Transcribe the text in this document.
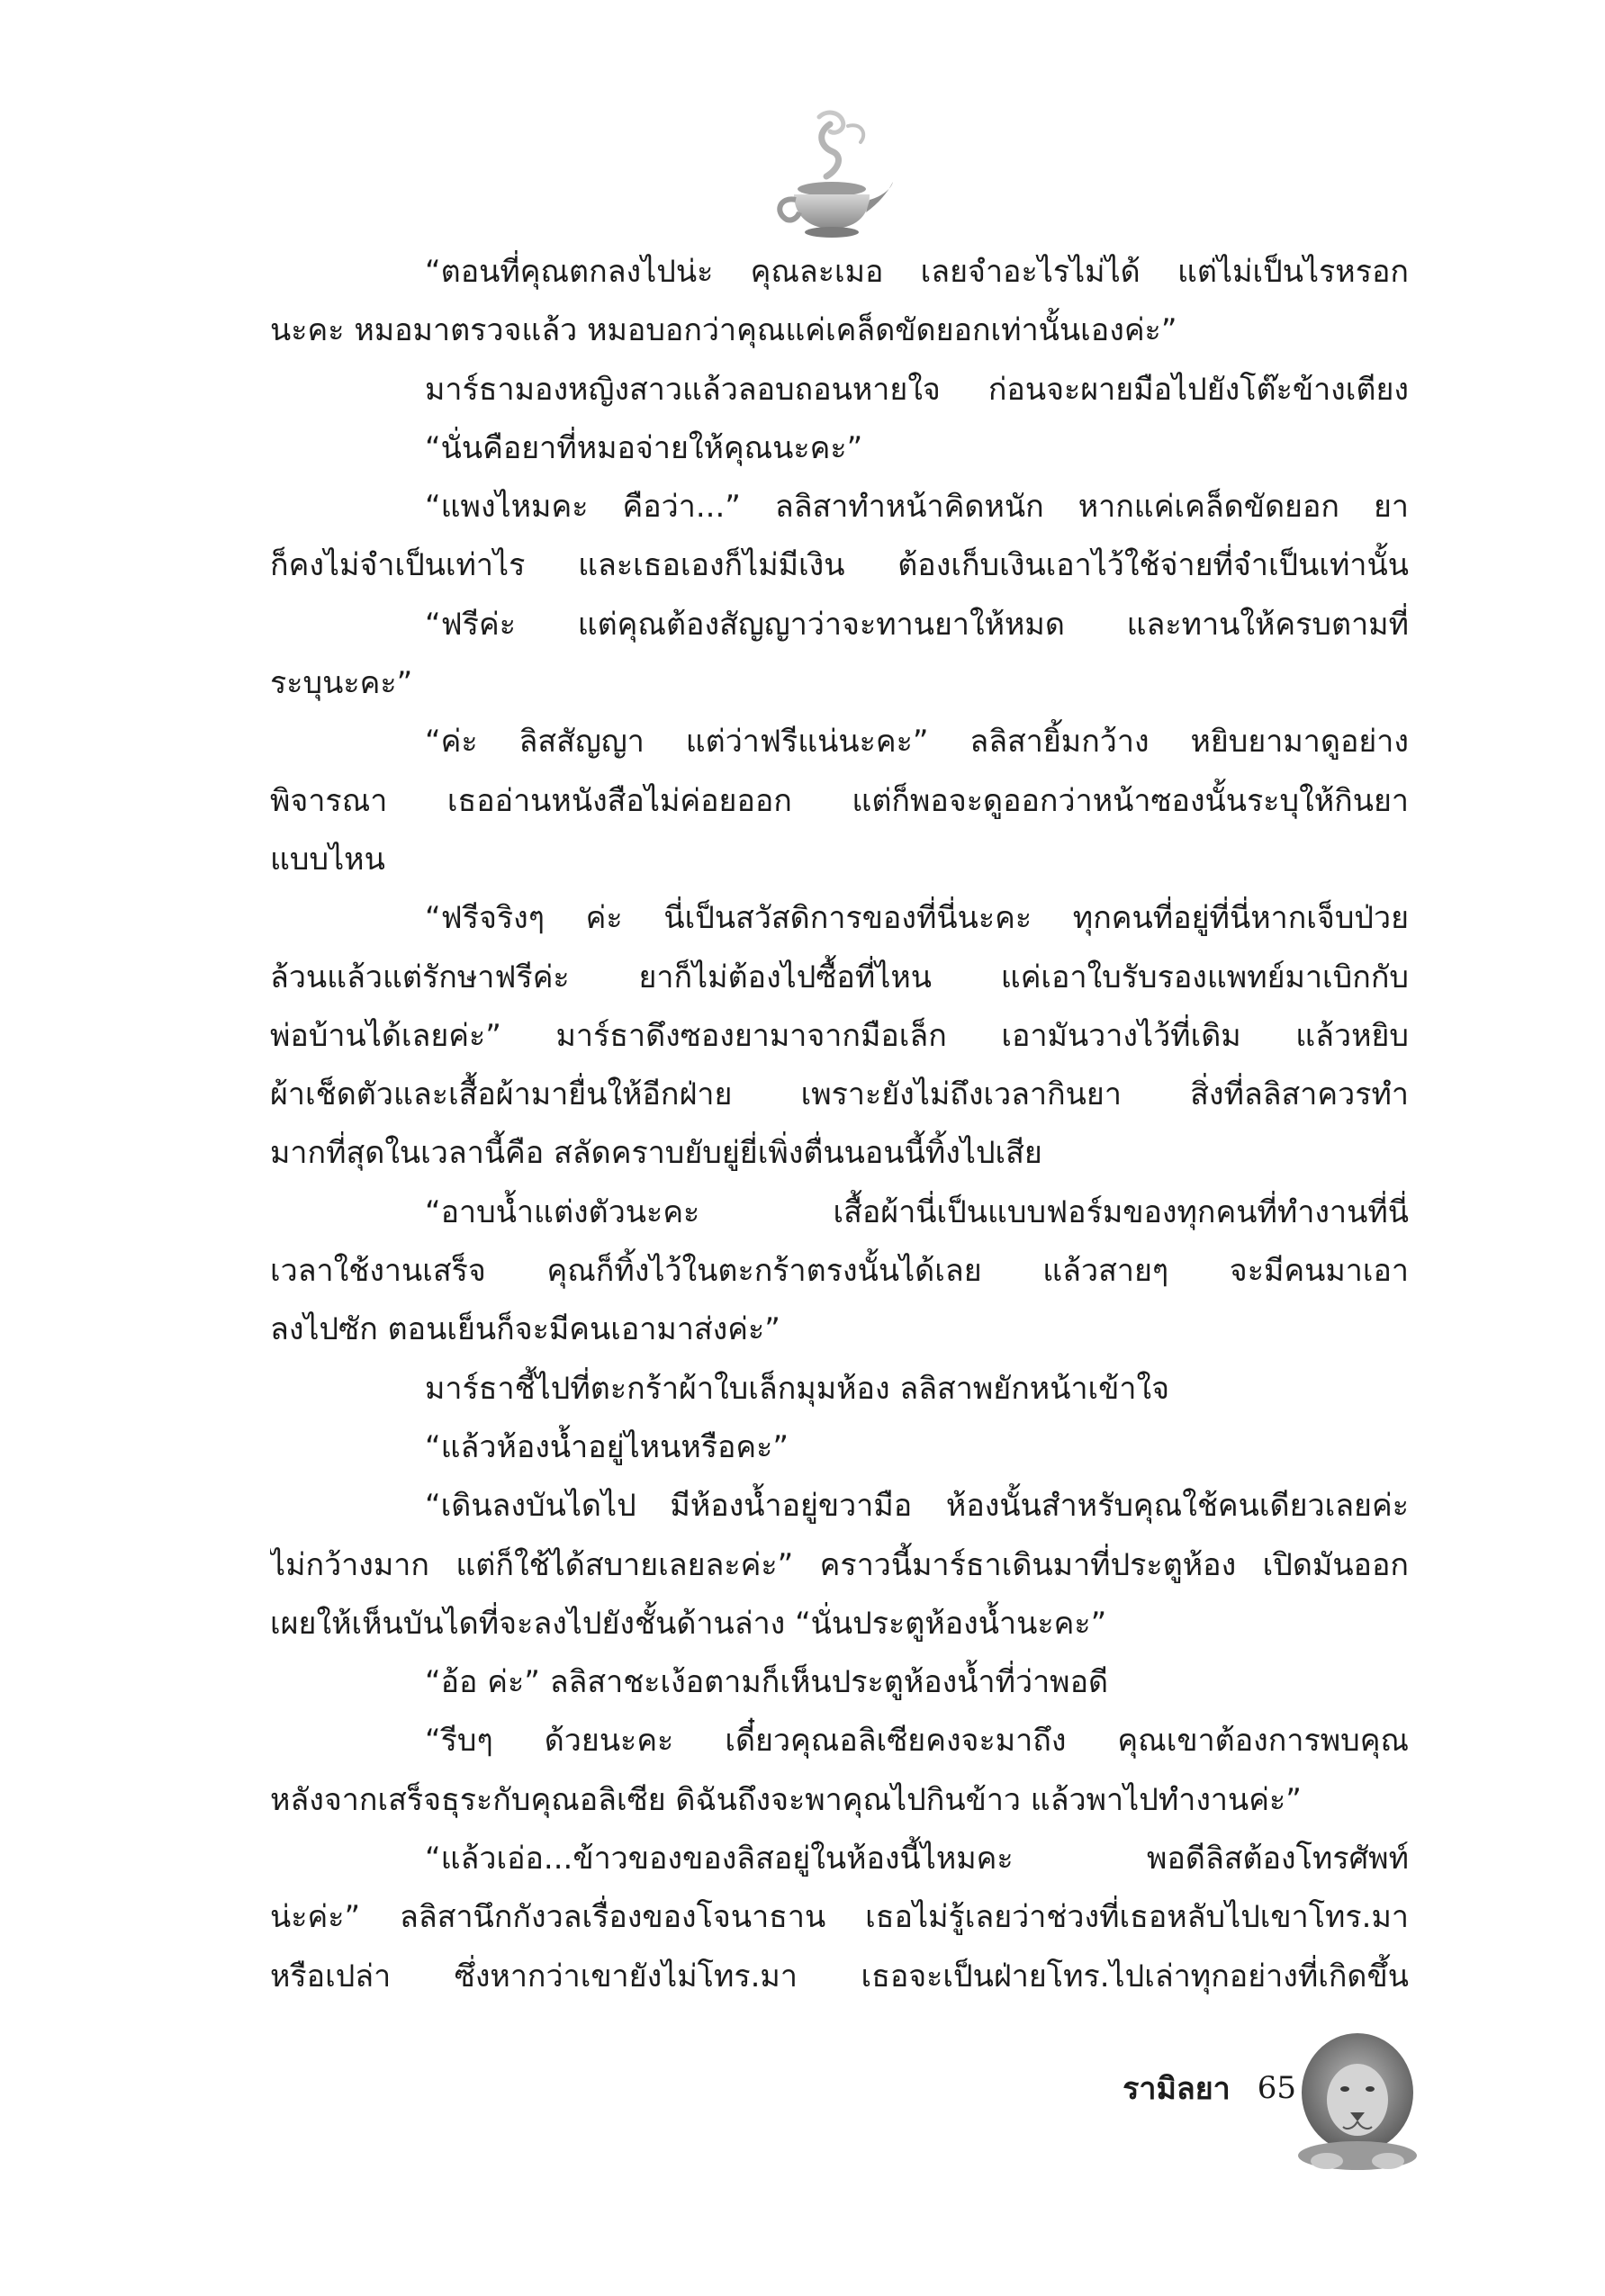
“ตอนที่คุณตกลงไปน่ะ คุณละเมอ เลยจำอะไรไม่ได้ แต่ไม่เป็นไรหรอก
นะคะ หมอมาตรวจแล้ว หมอบอกว่าคุณแค่เคล็ดขัดยอกเท่านั้นเองค่ะ”
มาร์ธามองหญิงสาวแล้วลอบถอนหายใจ ก่อนจะผายมือไปยังโต๊ะข้างเตียง
“นั่นคือยาที่หมอจ่ายให้คุณนะคะ”
“แพงไหมคะ คือว่า...” ลลิสาทำหน้าคิดหนัก หากแค่เคล็ดขัดยอก ยา
ก็คงไม่จำเป็นเท่าไร และเธอเองก็ไม่มีเงิน ต้องเก็บเงินเอาไว้ใช้จ่ายที่จำเป็นเท่านั้น
“ฟรีค่ะ แต่คุณต้องสัญญาว่าจะทานยาให้หมด และทานให้ครบตามที่
ระบุนะคะ”
“ค่ะ ลิสสัญญา แต่ว่าฟรีแน่นะคะ” ลลิสายิ้มกว้าง หยิบยามาดูอย่าง
พิจารณา เธออ่านหนังสือไม่ค่อยออก แต่ก็พอจะดูออกว่าหน้าซองนั้นระบุให้กินยา
แบบไหน
“ฟรีจริงๆ ค่ะ นี่เป็นสวัสดิการของที่นี่นะคะ ทุกคนที่อยู่ที่นี่หากเจ็บป่วย
ล้วนแล้วแต่รักษาฟรีค่ะ ยาก็ไม่ต้องไปซื้อที่ไหน แค่เอาใบรับรองแพทย์มาเบิกกับ
พ่อบ้านได้เลยค่ะ” มาร์ธาดึงซองยามาจากมือเล็ก เอามันวางไว้ที่เดิม แล้วหยิบ
ผ้าเช็ดตัวและเสื้อผ้ามายื่นให้อีกฝ่าย เพราะยังไม่ถึงเวลากินยา สิ่งที่ลลิสาควรทำ
มากที่สุดในเวลานี้คือ สลัดคราบยับยู่ยี่เพิ่งตื่นนอนนี้ทิ้งไปเสีย
“อาบน้ำแต่งตัวนะคะ เสื้อผ้านี่เป็นแบบฟอร์มของทุกคนที่ทำงานที่นี่
เวลาใช้งานเสร็จ คุณก็ทิ้งไว้ในตะกร้าตรงนั้นได้เลย แล้วสายๆ จะมีคนมาเอา
ลงไปซัก ตอนเย็นก็จะมีคนเอามาส่งค่ะ”
มาร์ธาชี้ไปที่ตะกร้าผ้าใบเล็กมุมห้อง ลลิสาพยักหน้าเข้าใจ
“แล้วห้องน้ำอยู่ไหนหรือคะ”
“เดินลงบันไดไป มีห้องน้ำอยู่ขวามือ ห้องนั้นสำหรับคุณใช้คนเดียวเลยค่ะ
ไม่กว้างมาก แต่ก็ใช้ได้สบายเลยละค่ะ” คราวนี้มาร์ธาเดินมาที่ประตูห้อง เปิดมันออก
เผยให้เห็นบันไดที่จะลงไปยังชั้นด้านล่าง “นั่นประตูห้องน้ำนะคะ”
“อ้อ ค่ะ” ลลิสาชะเง้อตามก็เห็นประตูห้องน้ำที่ว่าพอดี
“รีบๆ ด้วยนะคะ เดี๋ยวคุณอลิเซียคงจะมาถึง คุณเขาต้องการพบคุณ
หลังจากเสร็จธุระกับคุณอลิเซีย ดิฉันถึงจะพาคุณไปกินข้าว แล้วพาไปทำงานค่ะ”
“แล้วเอ่อ...ข้าวของของลิสอยู่ในห้องนี้ไหมคะ พอดีลิสต้องโทรศัพท์
น่ะค่ะ” ลลิสานึกกังวลเรื่องของโจนาธาน เธอไม่รู้เลยว่าช่วงที่เธอหลับไปเขาโทร.มา
หรือเปล่า ซึ่งหากว่าเขายังไม่โทร.มา เธอจะเป็นฝ่ายโทร.ไปเล่าทุกอย่างที่เกิดขึ้น
รามิลยา 65
